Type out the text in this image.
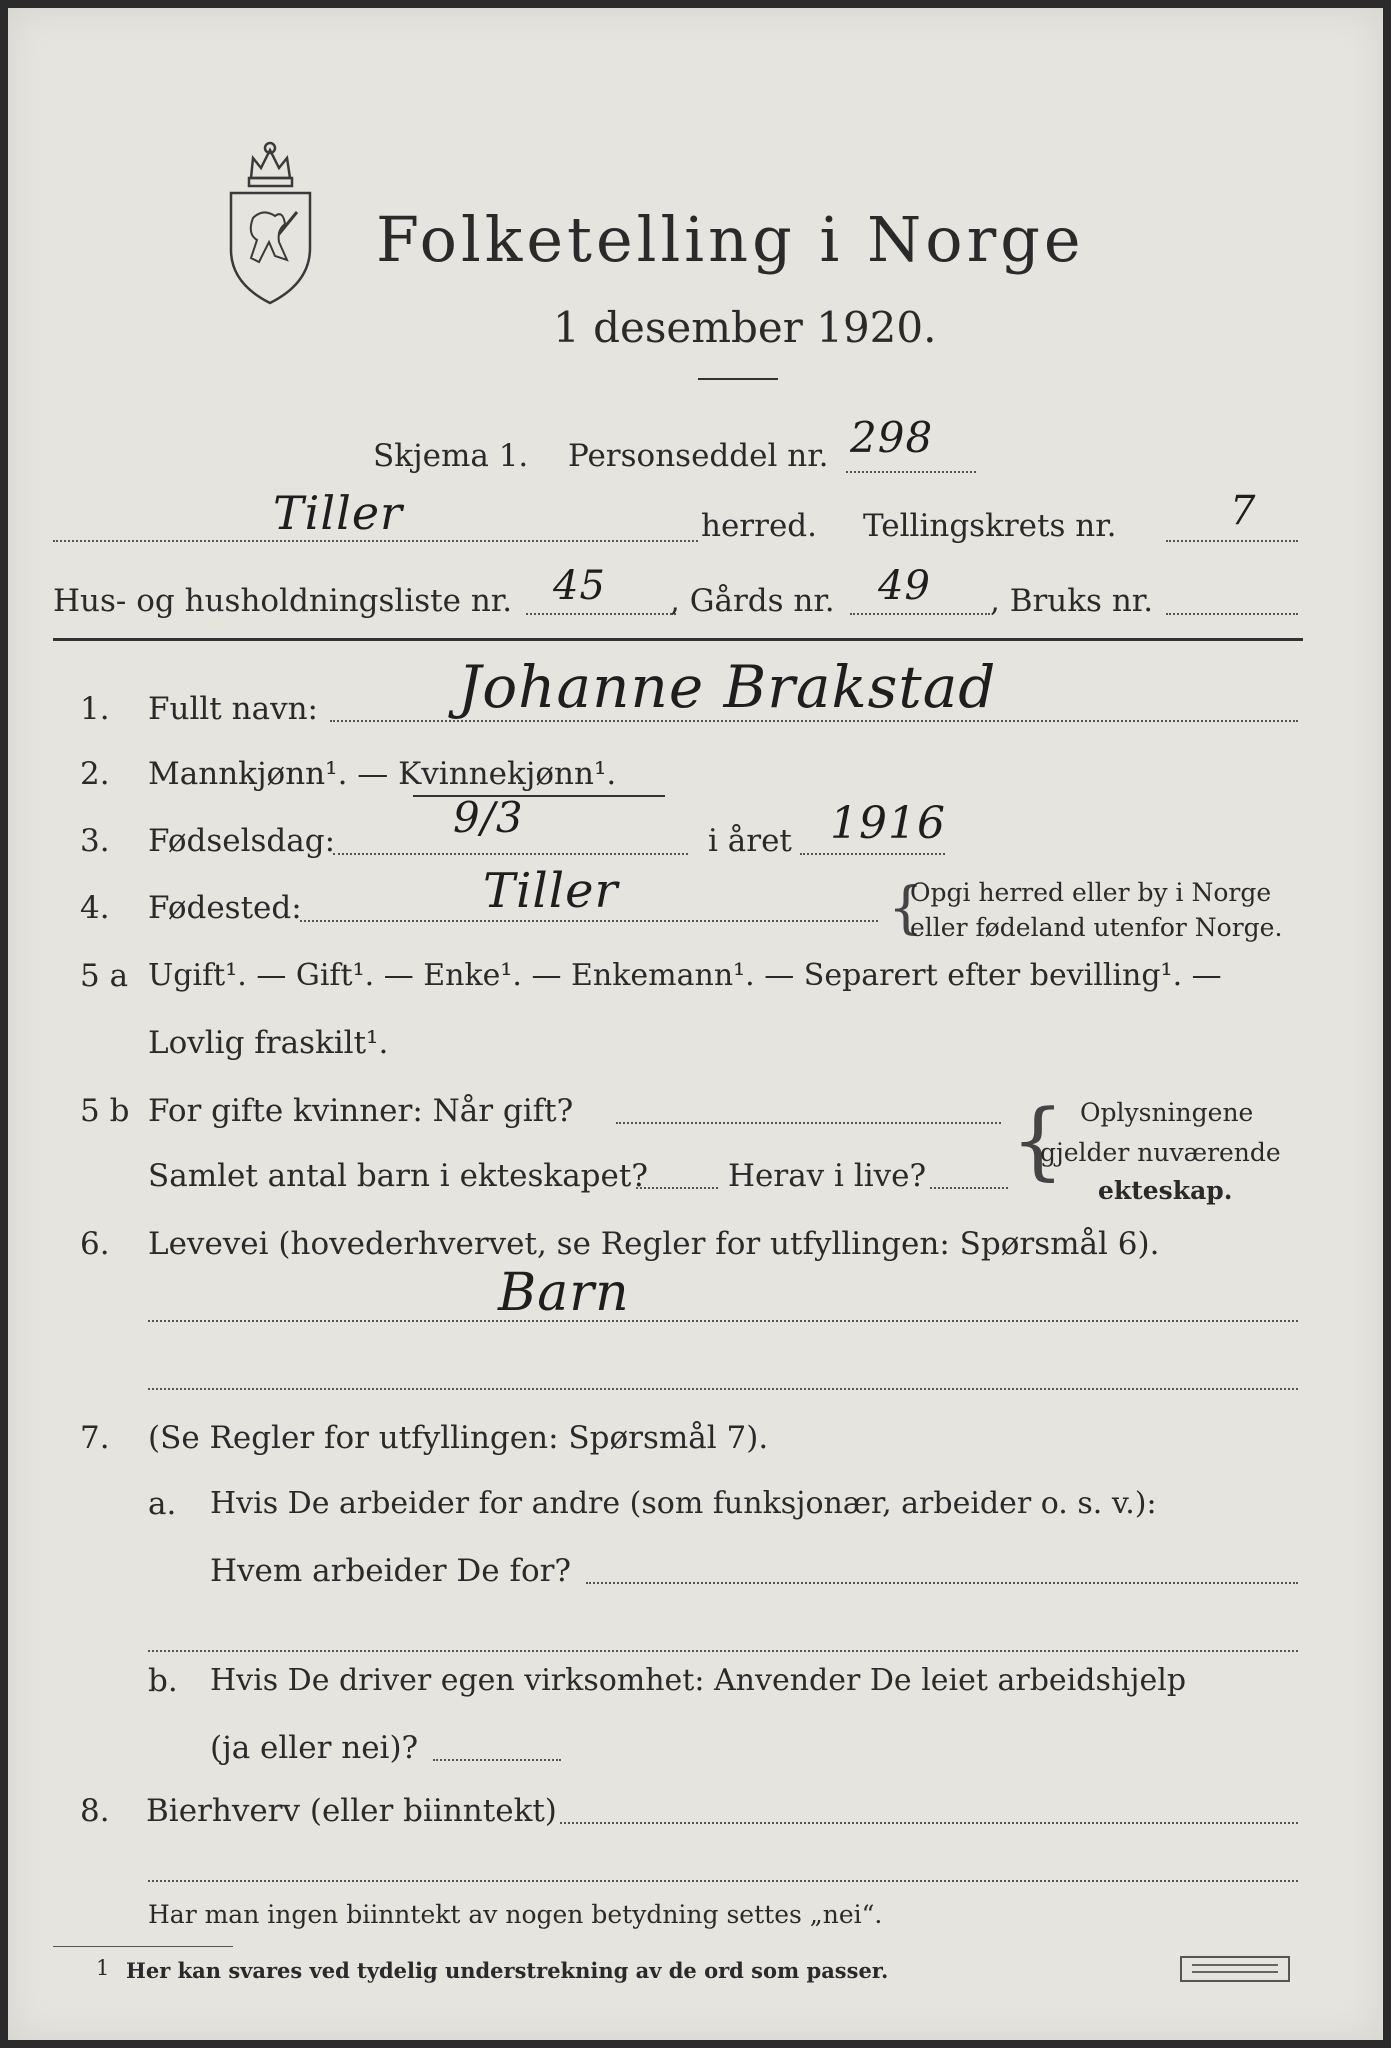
Folketelling i Norge
1 desember 1920.
Skjema 1. Personseddel nr. 298
Tiller	herred. Tellingskrets nr.	7
Hus- og husholdningsliste nr. 45 , Gårds nr. 49 , Bruks nr.
1. Fullt navn: Johanne Brakstad
2. Mannkjønn¹. — Kvinnekjønn¹.
3. Fødselsdag:	9/3	i året 1916
4. Fødested:	Tiller	{
Opgi herred eller by i Norge
eller fødeland utenfor Norge.
5 a Ugift¹. — Gift¹. — Enke¹. — Enkemann¹. — Separert efter bevilling¹. —
Lovlig fraskilt¹.
5 b For gifte kvinner: Når gift?
Samlet antal barn i ekteskapet?	Herav i live? { Oplysningene
gjelder nuværende
ekteskap.
6. Levevei (hovederhvervet, se Regler for utfyllingen: Spørsmål 6).
Barn
7. (Se Regler for utfyllingen: Spørsmål 7).
a. Hvis De arbeider for andre (som funksjonær, arbeider o. s. v.):
Hvem arbeider De for?
b. Hvis De driver egen virksomhet: Anvender De leiet arbeidshjelp
(ja eller nei)?
8. Bierhverv (eller biinntekt)
Har man ingen biinntekt av nogen betydning settes „nei“.
1 Her kan svares ved tydelig understrekning av de ord som passer.
